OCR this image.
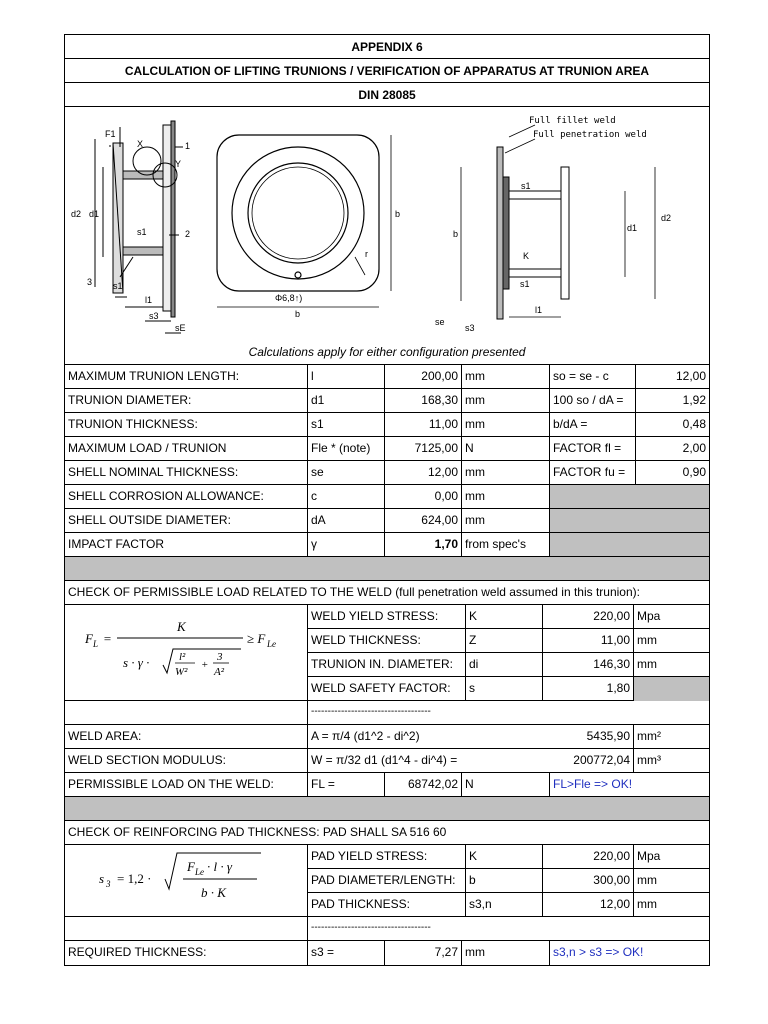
APPENDIX 6
CALCULATION OF LIFTING TRUNIONS / VERIFICATION OF APPARATUS AT TRUNION AREA
DIN 28085
F1
X
Y
1
2
3
d2 d1
s1
s1
l1
s3
sE
Φ6,8↑)
b
b
r
Full fillet weld
Full penetration weld
s1
s1
b
d1
d2
K
l1
se
s3
Calculations apply for either configuration presented
MAXIMUM TRUNION LENGTH:	l	200,00 mm	so = se - c	12,00
TRUNION DIAMETER:	d1	168,30 mm	100 so / dA =	1,92
TRUNION THICKNESS:	s1	11,00 mm	b/dA =	0,48
MAXIMUM LOAD / TRUNION	Fle * (note)	7125,00 N	FACTOR fl =	2,00
SHELL NOMINAL THICKNESS:	se	12,00 mm	FACTOR fu =	0,90
SHELL CORROSION ALLOWANCE:	c	0,00 mm
SHELL OUTSIDE DIAMETER:	dA	624,00 mm
IMPACT FACTOR	γ	1,70 from spec's
CHECK OF PERMISSIBLE LOAD RELATED TO THE WELD (full penetration weld assumed in this trunion):
F L =
K
≥ F Le
s · γ ·	l²
W²
+
3
A²
WELD YIELD STRESS:	K	220,00 Mpa
WELD THICKNESS:	Z	11,00 mm
TRUNION IN. DIAMETER:	di	146,30 mm
WELD SAFETY FACTOR:	s	1,80
------------------------------------
WELD AREA:	A = π/4 (d1^2 - di^2)	5435,90 mm²
WELD SECTION MODULUS:	W = π/32 d1 (d1^4 - di^4) =	200772,04 mm³
PERMISSIBLE LOAD ON THE WELD:	FL =	68742,02 N	FL>Fle => OK!
CHECK OF REINFORCING PAD THICKNESS: PAD SHALL SA 516 60
s 3 = 1,2 ·
F Le · l · γ
b · K
PAD YIELD STRESS:	K	220,00 Mpa
PAD DIAMETER/LENGTH:	b	300,00 mm
PAD THICKNESS:	s3,n	12,00 mm
------------------------------------
REQUIRED THICKNESS:	s3 =	7,27 mm	s3,n > s3 => OK!
